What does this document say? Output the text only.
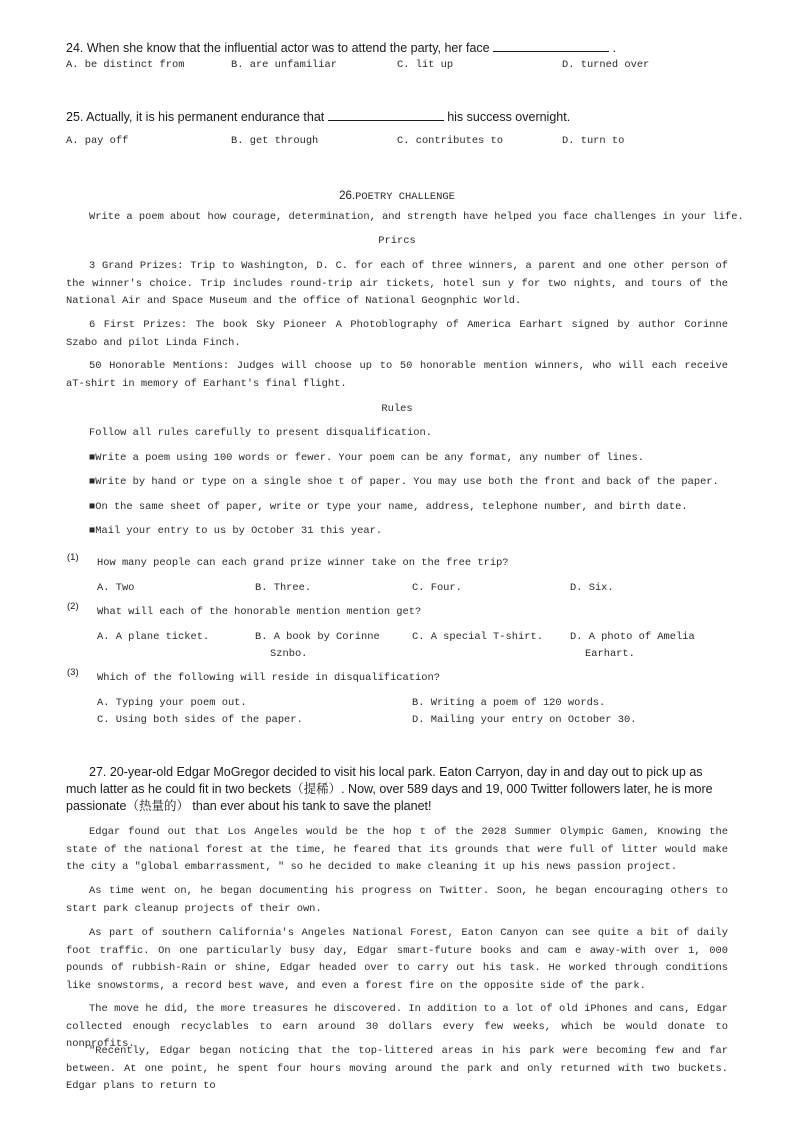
24. When she know that the influential actor was to attend the party, her face	.
A. be distinct from	B. are unfamiliar	C. lit up	D. turned over
25. Actually, it is his permanent endurance that	his success overnight.
A. pay off	B. get through	C. contributes to	D. turn to
26.POETRY CHALLENGE
Write a poem about how courage, determination, and strength have helped you face challenges in your life.
Prircs
3 Grand Prizes: Trip to Washington, D. C. for each of three winners, a parent and one other person of the winner's choice. Trip includes round-trip air tickets, hotel sun y for two nights, and tours of the National Air and Space Museum and the office of National Geognphic World.
6 First Prizes: The book Sky Pioneer A Photoblography of America Earhart signed by author Corinne Szabo and pilot Linda Finch.
50 Honorable Mentions: Judges will choose up to 50 honorable mention winners, who will each receive aT-shirt in memory of Earhant's final flight.
Rules
Follow all rules carefully to present disqualification.
■Write a poem using 100 words or fewer. Your poem can be any format, any number of lines.
■Write by hand or type on a single shoe t of paper. You may use both the front and back of the paper.
■On the same sheet of paper, write or type your name, address, telephone number, and birth date.
■Mail your entry to us by October 31 this year.
(1) How many people can each grand prize winner take on the free trip?
A. Two	B. Three.	C. Four.	D. Six.
(2) What will each of the honorable mention mention get?
A. A plane ticket.	B. A book by Corinne	C. A special T-shirt.	D. A photo of Amelia
Sznbo.	Earhart.
(3) Which of the following will reside in disqualification?
A. Typing your poem out.	B. Writing a poem of 120 words.
C. Using both sides of the paper.	D. Mailing your entry on October 30.
27. 20-year-old Edgar MoGregor decided to visit his local park. Eaton Carryon, day in and day out to pick up as much latter as he could fit in two beckets（提稀）. Now, over 589 days and 19, 000 Twitter followers later, he is more passionate（热量的） than ever about his tank to save the planet!
Edgar found out that Los Angeles would be the hop t of the 2028 Summer Olympic Gamen, Knowing the state of the national forest at the time, he feared that its grounds that were full of litter would make the city a "global embarrassment, " so he decided to make cleaning it up his news passion project.
As time went on, he began documenting his progress on Twitter. Soon, he began encouraging others to start park cleanup projects of their own.
As part of southern California's Angeles National Forest, Eaton Canyon can see quite a bit of daily foot traffic. On one particularly busy day, Edgar smart-future books and cam e away-with over 1, 000 pounds of rubbish-Rain or shine, Edgar headed over to carry out his task. He worked through conditions like snowstorms, a record best wave, and even a forest fire on the opposite side of the park.
The move he did, the more treasures he discovered. In addition to a lot of old iPhones and cans, Edgar collected enough recyclables to earn around 30 dollars every few weeks, which be would donate to nonprofits.
"Recently, Edgar began noticing that the top-littered areas in his park were becoming few and far between. At one point, he spent four hours moving around the park and only returned with two buckets. Edgar plans to return to
